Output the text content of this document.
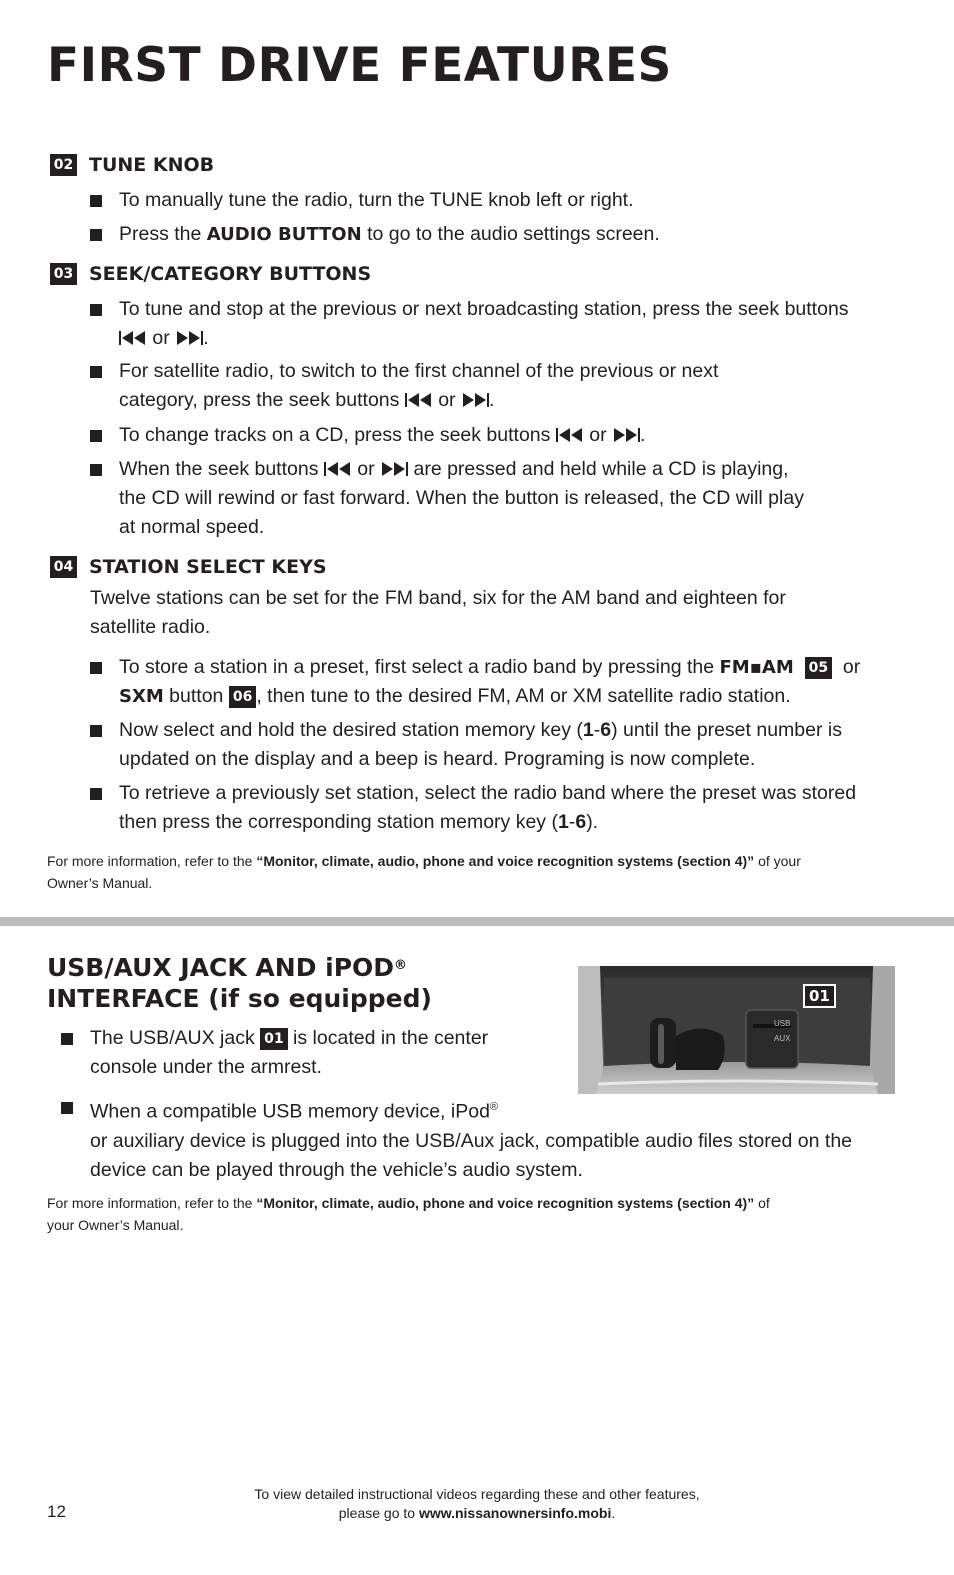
FIRST DRIVE FEATURES
02 TUNE KNOB
To manually tune the radio, turn the TUNE knob left or right.
Press the AUDIO BUTTON to go to the audio settings screen.
03 SEEK/CATEGORY BUTTONS
To tune and stop at the previous or next broadcasting station, press the seek buttons
or .
For satellite radio, to switch to the first channel of the previous or next
category, press the seek buttons  or .
To change tracks on a CD, press the seek buttons  or .
When the seek buttons  or  are pressed and held while a CD is playing,
the CD will rewind or fast forward. When the button is released, the CD will play
at normal speed.
04 STATION SELECT KEYS
Twelve stations can be set for the FM band, six for the AM band and eighteen for
satellite radio.
To store a station in a preset, first select a radio band by pressing the FM▪AM 05 or
SXM button 06 , then tune to the desired FM, AM or XM satellite radio station.
Now select and hold the desired station memory key (1-6) until the preset number is
updated on the display and a beep is heard. Programing is now complete.
To retrieve a previously set station, select the radio band where the preset was stored
then press the corresponding station memory key (1-6).
For more information, refer to the “Monitor, climate, audio, phone and voice recognition systems (section 4)” of your
Owner’s Manual.
USB/AUX JACK AND iPOD®
INTERFACE (if so equipped)
The USB/AUX jack 01 is located in the center
console under the armrest.
When a compatible USB memory device, iPod®
or auxiliary device is plugged into the USB/Aux jack, compatible audio files stored on the
device can be played through the vehicle’s audio system.
USB
AUX
01
For more information, refer to the “Monitor, climate, audio, phone and voice recognition systems (section 4)” of
your Owner’s Manual.
12
To view detailed instructional videos regarding these and other features,
please go to www.nissanownersinfo.mobi.
